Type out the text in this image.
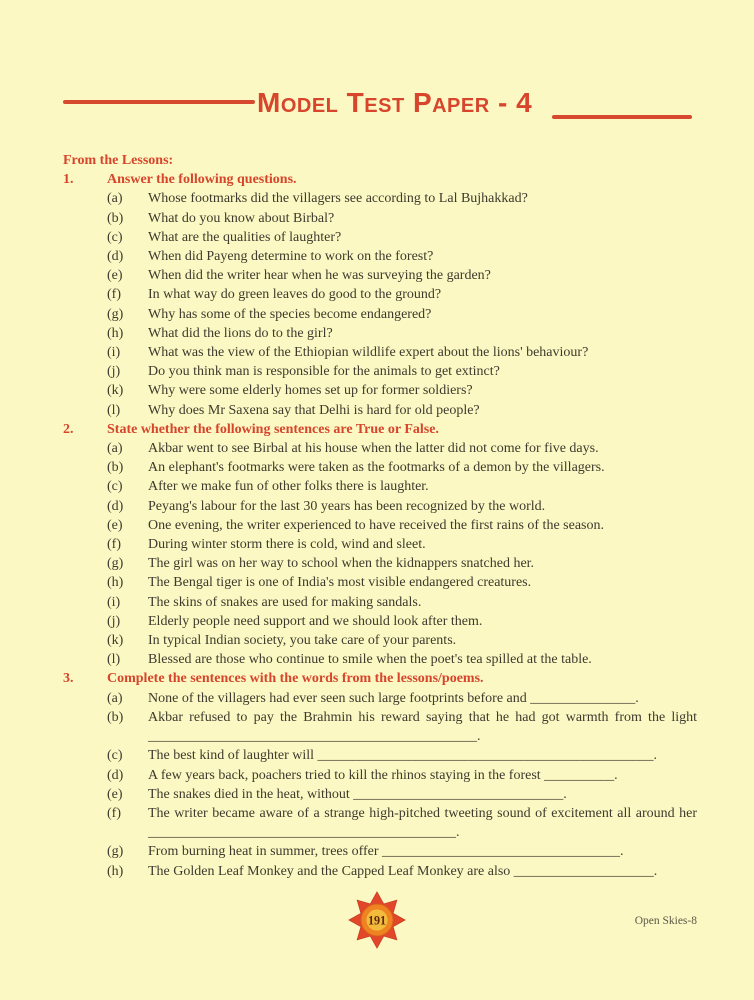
Model Test Paper - 4
From the Lessons:
1.	Answer the following questions.
(a)	Whose footmarks did the villagers see according to Lal Bujhakkad?
(b)	What do you know about Birbal?
(c)	What are the qualities of laughter?
(d)	When did Payeng determine to work on the forest?
(e)	When did the writer hear when he was surveying the garden?
(f)	In what way do green leaves do good to the ground?
(g)	Why has some of the species become endangered?
(h)	What did the lions do to the girl?
(i)	What was the view of the Ethiopian wildlife expert about the lions' behaviour?
(j)	Do you think man is responsible for the animals to get extinct?
(k)	Why were some elderly homes set up for former soldiers?
(l)	Why does Mr Saxena say that Delhi is hard for old people?
2.	State whether the following sentences are True or False.
(a)	Akbar went to see Birbal at his house when the latter did not come for five days.
(b)	An elephant's footmarks were taken as the footmarks of a demon by the villagers.
(c)	After we make fun of other folks there is laughter.
(d)	Peyang's labour for the last 30 years has been recognized by the world.
(e)	One evening, the writer experienced to have received the first rains of the season.
(f)	During winter storm there is cold, wind and sleet.
(g)	The girl was on her way to school when the kidnappers snatched her.
(h)	The Bengal tiger is one of India's most visible endangered creatures.
(i)	The skins of snakes are used for making sandals.
(j)	Elderly people need support and we should look after them.
(k)	In typical Indian society, you take care of your parents.
(l)	Blessed are those who continue to smile when the poet's tea spilled at the table.
3.	Complete the sentences with the words from the lessons/poems.
(a)	None of the villagers had ever seen such large footprints before and _______________.
(b)	Akbar refused to pay the Brahmin his reward saying that he had got warmth from the light _______________________________________________.
(c)	The best kind of laughter will ________________________________________________.
(d)	A few years back, poachers tried to kill the rhinos staying in the forest __________.
(e)	The snakes died in the heat, without ______________________________.
(f)	The writer became aware of a strange high-pitched tweeting sound of excitement all around her ____________________________________________.
(g)	From burning heat in summer, trees offer __________________________________.
(h)	The Golden Leaf Monkey and the Capped Leaf Monkey are also ____________________.
191	Open Skies-8
